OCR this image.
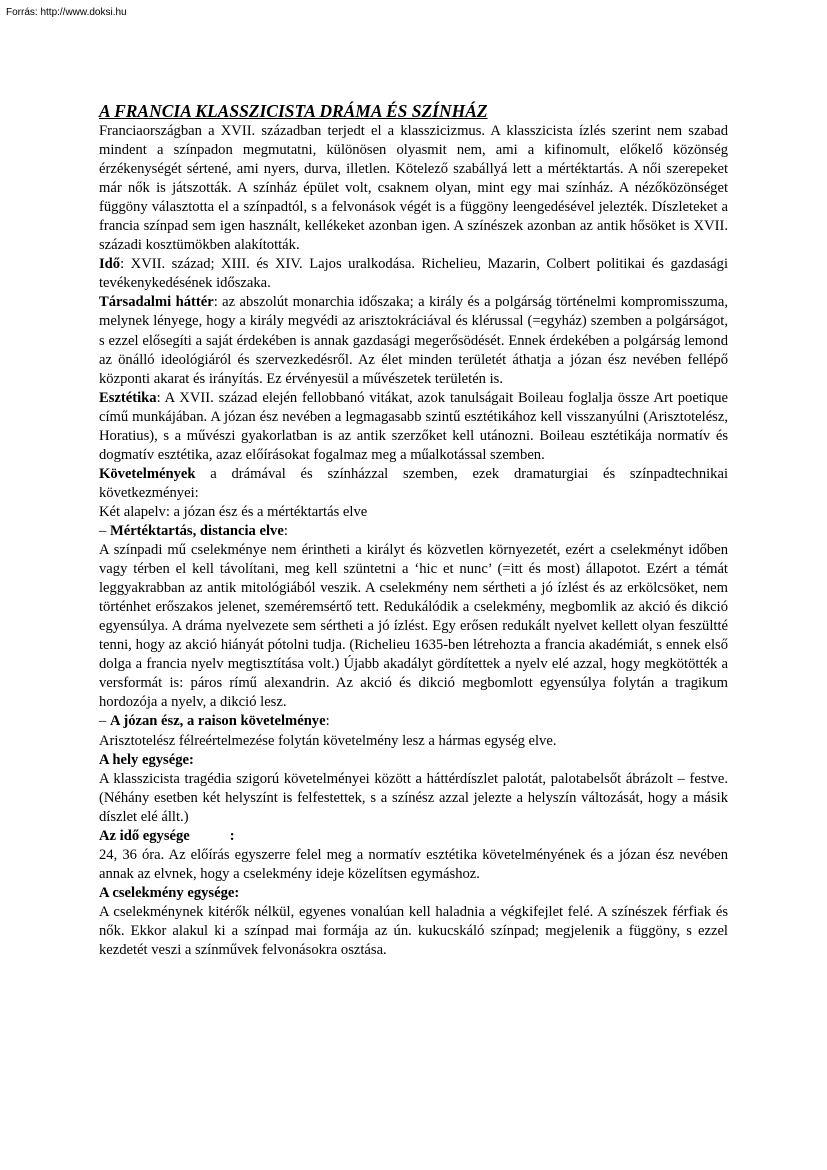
Forrás: http://www.doksi.hu
A FRANCIA KLASSZICISTA DRÁMA ÉS SZÍNHÁZ

Franciaországban a XVII. században terjedt el a klasszicizmus. A klasszicista ízlés szerint nem szabad mindent a színpadon megmutatni, különösen olyasmit nem, ami a kifinomult, előkelő közönség érzékenységét sértené, ami nyers, durva, illetlen. Kötelező szabállyá lett a mértéktartás. A női szerepeket már nők is játszották. A színház épület volt, csaknem olyan, mint egy mai színház. A nézőközönséget függöny választotta el a színpadtól, s a felvonások végét is a függöny leengedésével jelezték. Díszleteket a francia színpad sem igen használt, kellékeket azonban igen. A színészek azonban az antik hősöket is XVII. századi kosztümökben alakították.

Idő: XVII. század; XIII. és XIV. Lajos uralkodása. Richelieu, Mazarin, Colbert politikai és gazdasági tevékenykedésének időszaka.

Társadalmi háttér: az abszolút monarchia időszaka; a király és a polgárság történelmi kompromisszuma, melynek lényege, hogy a király megvédi az arisztokráciával és klérussal (=egyház) szemben a polgárságot, s ezzel elősegíti a saját érdekében is annak gazdasági megerősödését. Ennek érdekében a polgárság lemond az önálló ideológiáról és szervezkedésről. Az élet minden területét áthatja a józan ész nevében fellépő központi akarat és irányítás. Ez érvényesül a művészetek területén is.

Esztétika: A XVII. század elején fellobbanó vitákat, azok tanulságait Boileau foglalja össze Art poetique című munkájában. A józan ész nevében a legmagasabb szintű esztétikához kell visszanyúlni (Arisztotelész, Horatius), s a művészi gyakorlatban is az antik szerzőket kell utánozni. Boileau esztétikája normatív és dogmatív esztétika, azaz előírásokat fogalmaz meg a műalkotással szemben.

Követelmények a drámával és színházzal szemben, ezek dramaturgiai és színpadtechnikai következményei:

Két alapelv: a józan ész és a mértéktartás elve

– Mértéktartás, distancia elve:

A színpadi mű cselekménye nem érintheti a királyt és közvetlen környezetét, ezért a cselekményt időben vagy térben el kell távolítani, meg kell szüntetni a ‘hic et nunc’ (=itt és most) állapotot. Ezért a témát leggyakrabban az antik mitológiából veszik. A cselekmény nem sértheti a jó ízlést és az erkölcsöket, nem történhet erőszakos jelenet, szeméremsértő tett. Redukálódik a cselekmény, megbomlik az akció és dikció egyensúlya. A dráma nyelvezete sem sértheti a jó ízlést. Egy erősen redukált nyelvet kellett olyan feszültté tenni, hogy az akció hiányát pótolni tudja. (Richelieu 1635-ben létrehozta a francia akadémiát, s ennek első dolga a francia nyelv megtisztítása volt.) Újabb akadályt gördítettek a nyelv elé azzal, hogy megkötötték a versformát is: páros rímű alexandrin. Az akció és dikció megbomlott egyensúlya folytán a tragikum hordozója a nyelv, a dikció lesz.

– A józan ész, a raison követelménye:

Arisztotelész félreértelmezése folytán követelmény lesz a hármas egység elve.

A hely egysége:

A klasszicista tragédia szigorú követelményei között a háttérdíszlet palotát, palotabelsőt ábrázolt – festve. (Néhány esetben két helyszínt is felfestettek, s a színész azzal jelezte a helyszín változását, hogy a másik díszlet elé állt.)

Az idő egysége	:

24, 36 óra. Az előírás egyszerre felel meg a normatív esztétika követelményének és a józan ész nevében annak az elvnek, hogy a cselekmény ideje közelítsen egymáshoz.

A cselekmény egysége:

A cselekménynek kitérők nélkül, egyenes vonalúan kell haladnia a végkifejlet felé. A színészek férfiak és nők. Ekkor alakul ki a színpad mai formája az ún. kukucskáló színpad; megjelenik a függöny, s ezzel kezdetét veszi a színművek felvonásokra osztása.
